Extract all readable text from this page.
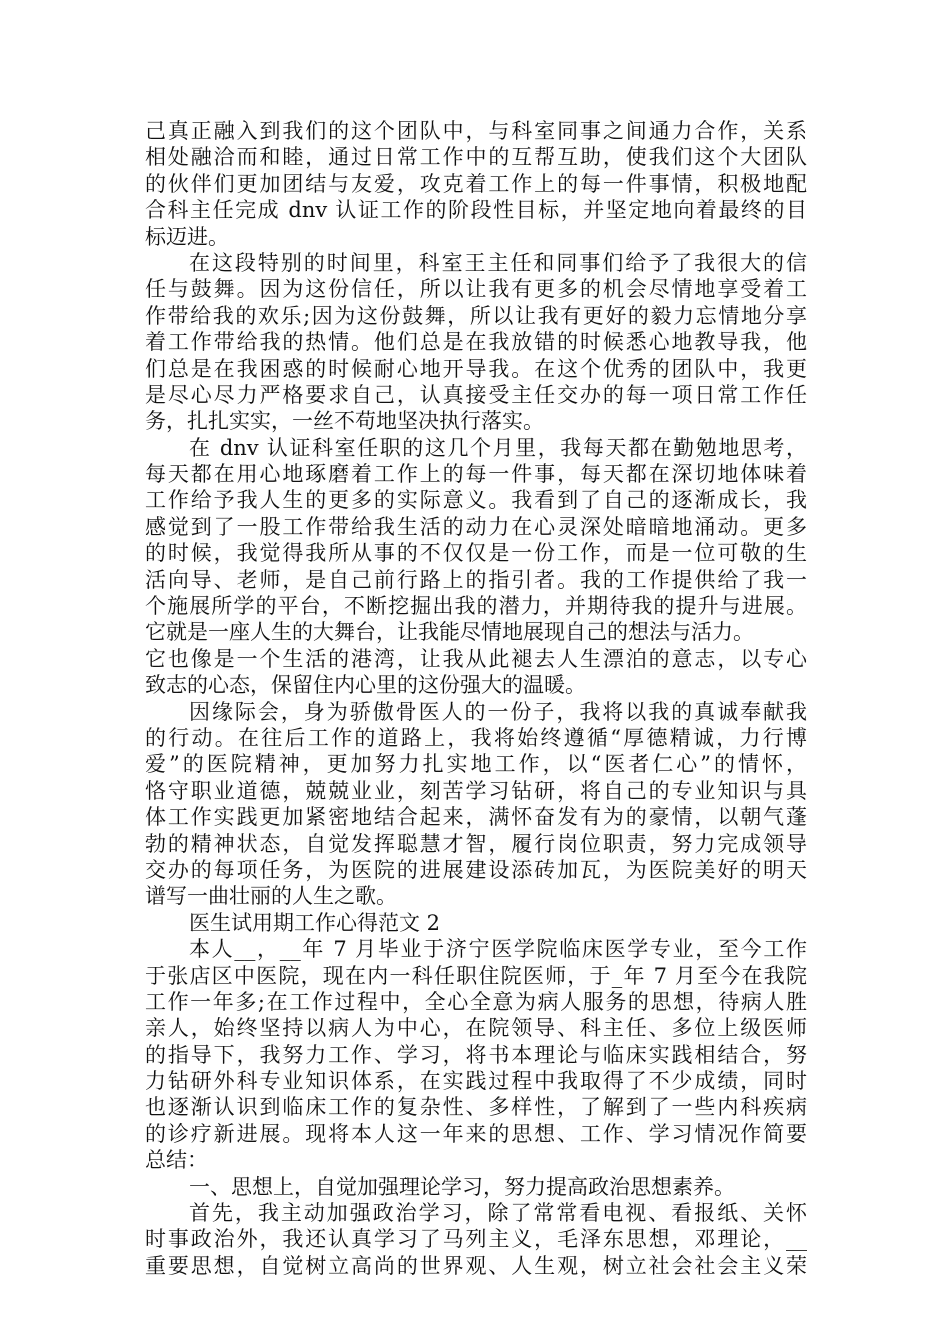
己真正融入到我们的这个团队中，与科室同事之间通力合作，关系
相处融洽而和睦，通过日常工作中的互帮互助，使我们这个大团队
的伙伴们更加团结与友爱，攻克着工作上的每一件事情，积极地配
合科主任完成 dnv 认证工作的阶段性目标，并坚定地向着最终的目
标迈进。
在这段特别的时间里，科室王主任和同事们给予了我很大的信
任与鼓舞。因为这份信任，所以让我有更多的机会尽情地享受着工
作带给我的欢乐;因为这份鼓舞，所以让我有更好的毅力忘情地分享
着工作带给我的热情。他们总是在我放错的时候悉心地教导我，他
们总是在我困惑的时候耐心地开导我。在这个优秀的团队中，我更
是尽心尽力严格要求自己，认真接受主任交办的每一项日常工作任
务，扎扎实实，一丝不苟地坚决执行落实。
在 dnv 认证科室任职的这几个月里，我每天都在勤勉地思考，
每天都在用心地琢磨着工作上的每一件事，每天都在深切地体味着
工作给予我人生的更多的实际意义。我看到了自己的逐渐成长，我
感觉到了一股工作带给我生活的动力在心灵深处暗暗地涌动。更多
的时候，我觉得我所从事的不仅仅是一份工作，而是一位可敬的生
活向导、老师，是自己前行路上的指引者。我的工作提供给了我一
个施展所学的平台，不断挖掘出我的潜力，并期待我的提升与进展。
它就是一座人生的大舞台，让我能尽情地展现自己的想法与活力。
它也像是一个生活的港湾，让我从此褪去人生漂泊的意志，以专心
致志的心态，保留住内心里的这份强大的温暖。
因缘际会，身为骄傲骨医人的一份子，我将以我的真诚奉献我
的行动。在往后工作的道路上，我将始终遵循“厚德精诚，力行博
爱”的医院精神，更加努力扎实地工作，以“医者仁心”的情怀，
恪守职业道德，兢兢业业，刻苦学习钻研，将自己的专业知识与具
体工作实践更加紧密地结合起来，满怀奋发有为的豪情，以朝气蓬
勃的精神状态，自觉发挥聪慧才智，履行岗位职责，努力完成领导
交办的每项任务，为医院的进展建设添砖加瓦，为医院美好的明天
谱写一曲壮丽的人生之歌。
医生试用期工作心得范文 2
本人__，__年 7 月毕业于济宁医学院临床医学专业，至今工作
于张店区中医院，现在内一科任职住院医师，于_年 7 月至今在我院
工作一年多;在工作过程中，全心全意为病人服务的思想，待病人胜
亲人，始终坚持以病人为中心，在院领导、科主任、多位上级医师
的指导下，我努力工作、学习，将书本理论与临床实践相结合，努
力钻研外科专业知识体系，在实践过程中我取得了不少成绩，同时
也逐渐认识到临床工作的复杂性、多样性，了解到了一些内科疾病
的诊疗新进展。现将本人这一年来的思想、工作、学习情况作简要
总结：
一、思想上，自觉加强理论学习，努力提高政治思想素养。
首先，我主动加强政治学习，除了常常看电视、看报纸、关怀
时事政治外，我还认真学习了马列主义，毛泽东思想，邓理论，__
重要思想，自觉树立高尚的世界观、人生观，树立社会社会主义荣
